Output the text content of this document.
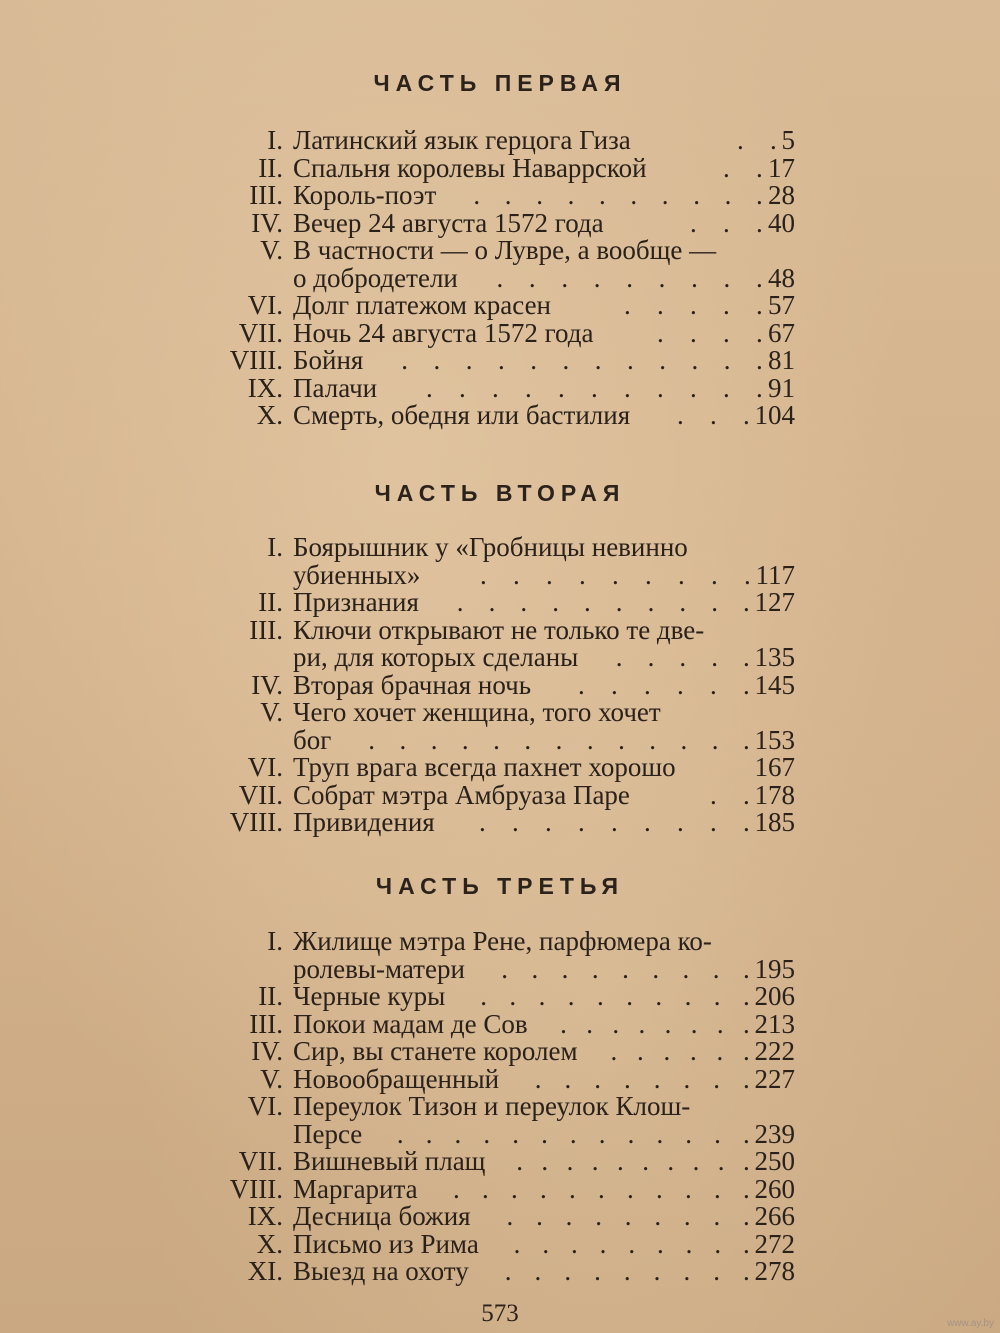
ЧАСТЬ ПЕРВАЯ
I. Латинский язык герцога Гиза	. . 5
II. Спальня королевы Наваррской	. . 17
III. Король-поэт . . . . . . . . . . 28
IV. Вечер 24 августа 1572 года	. . . 40
V. В частности — о Лувре, а вообще —
о добродетели . . . . . . . . . 48
VI. Долг платежом красен	. . . . . 57
VII. Ночь 24 августа 1572 года . . . . 67
VIII. Бойня . . . . . . . . . . . . 81
IX. Палачи . . . . . . . . . . . 91
X. Смерть, обедня или бастилия . . . 104
ЧАСТЬ ВТОРАЯ
I. Боярышник у «Гробницы невинно
убиенных» . . . . . . . . . 117
II. Признания . . . . . . . . . . 127
III. Ключи открывают не только те две-
ри, для которых сделаны . . . . . 135
IV. Вторая брачная ночь . . . . . . 145
V. Чего хочет женщина, того хочет
бог . . . . . . . . . . . . . 153
VI. Труп врага всегда пахнет хорошо	167
VII. Собрат мэтра Амбруаза Паре	. . 178
VIII. Привидения . . . . . . . . . 185
ЧАСТЬ ТРЕТЬЯ
I. Жилище мэтра Рене, парфюмера ко-
ролевы-матери . . . . . . . . . 195
II. Черные куры . . . . . . . . . . 206
III. Покои мадам де Сов . . . . . . . . 213
IV. Сир, вы станете королем . . . . . . 222
V. Новообращенный . . . . . . . . 227
VI. Переулок Тизон и переулок Клош-
Персе . . . . . . . . . . . . . 239
VII. Вишневый плащ . . . . . . . . . . 250
VIII. Маргарита . . . . . . . . . . . 260
IX. Десница божия . . . . . . . . . 266
X. Письмо из Рима . . . . . . . . . 272
XI. Выезд на охоту . . . . . . . . . 278
573	www.ay.by
